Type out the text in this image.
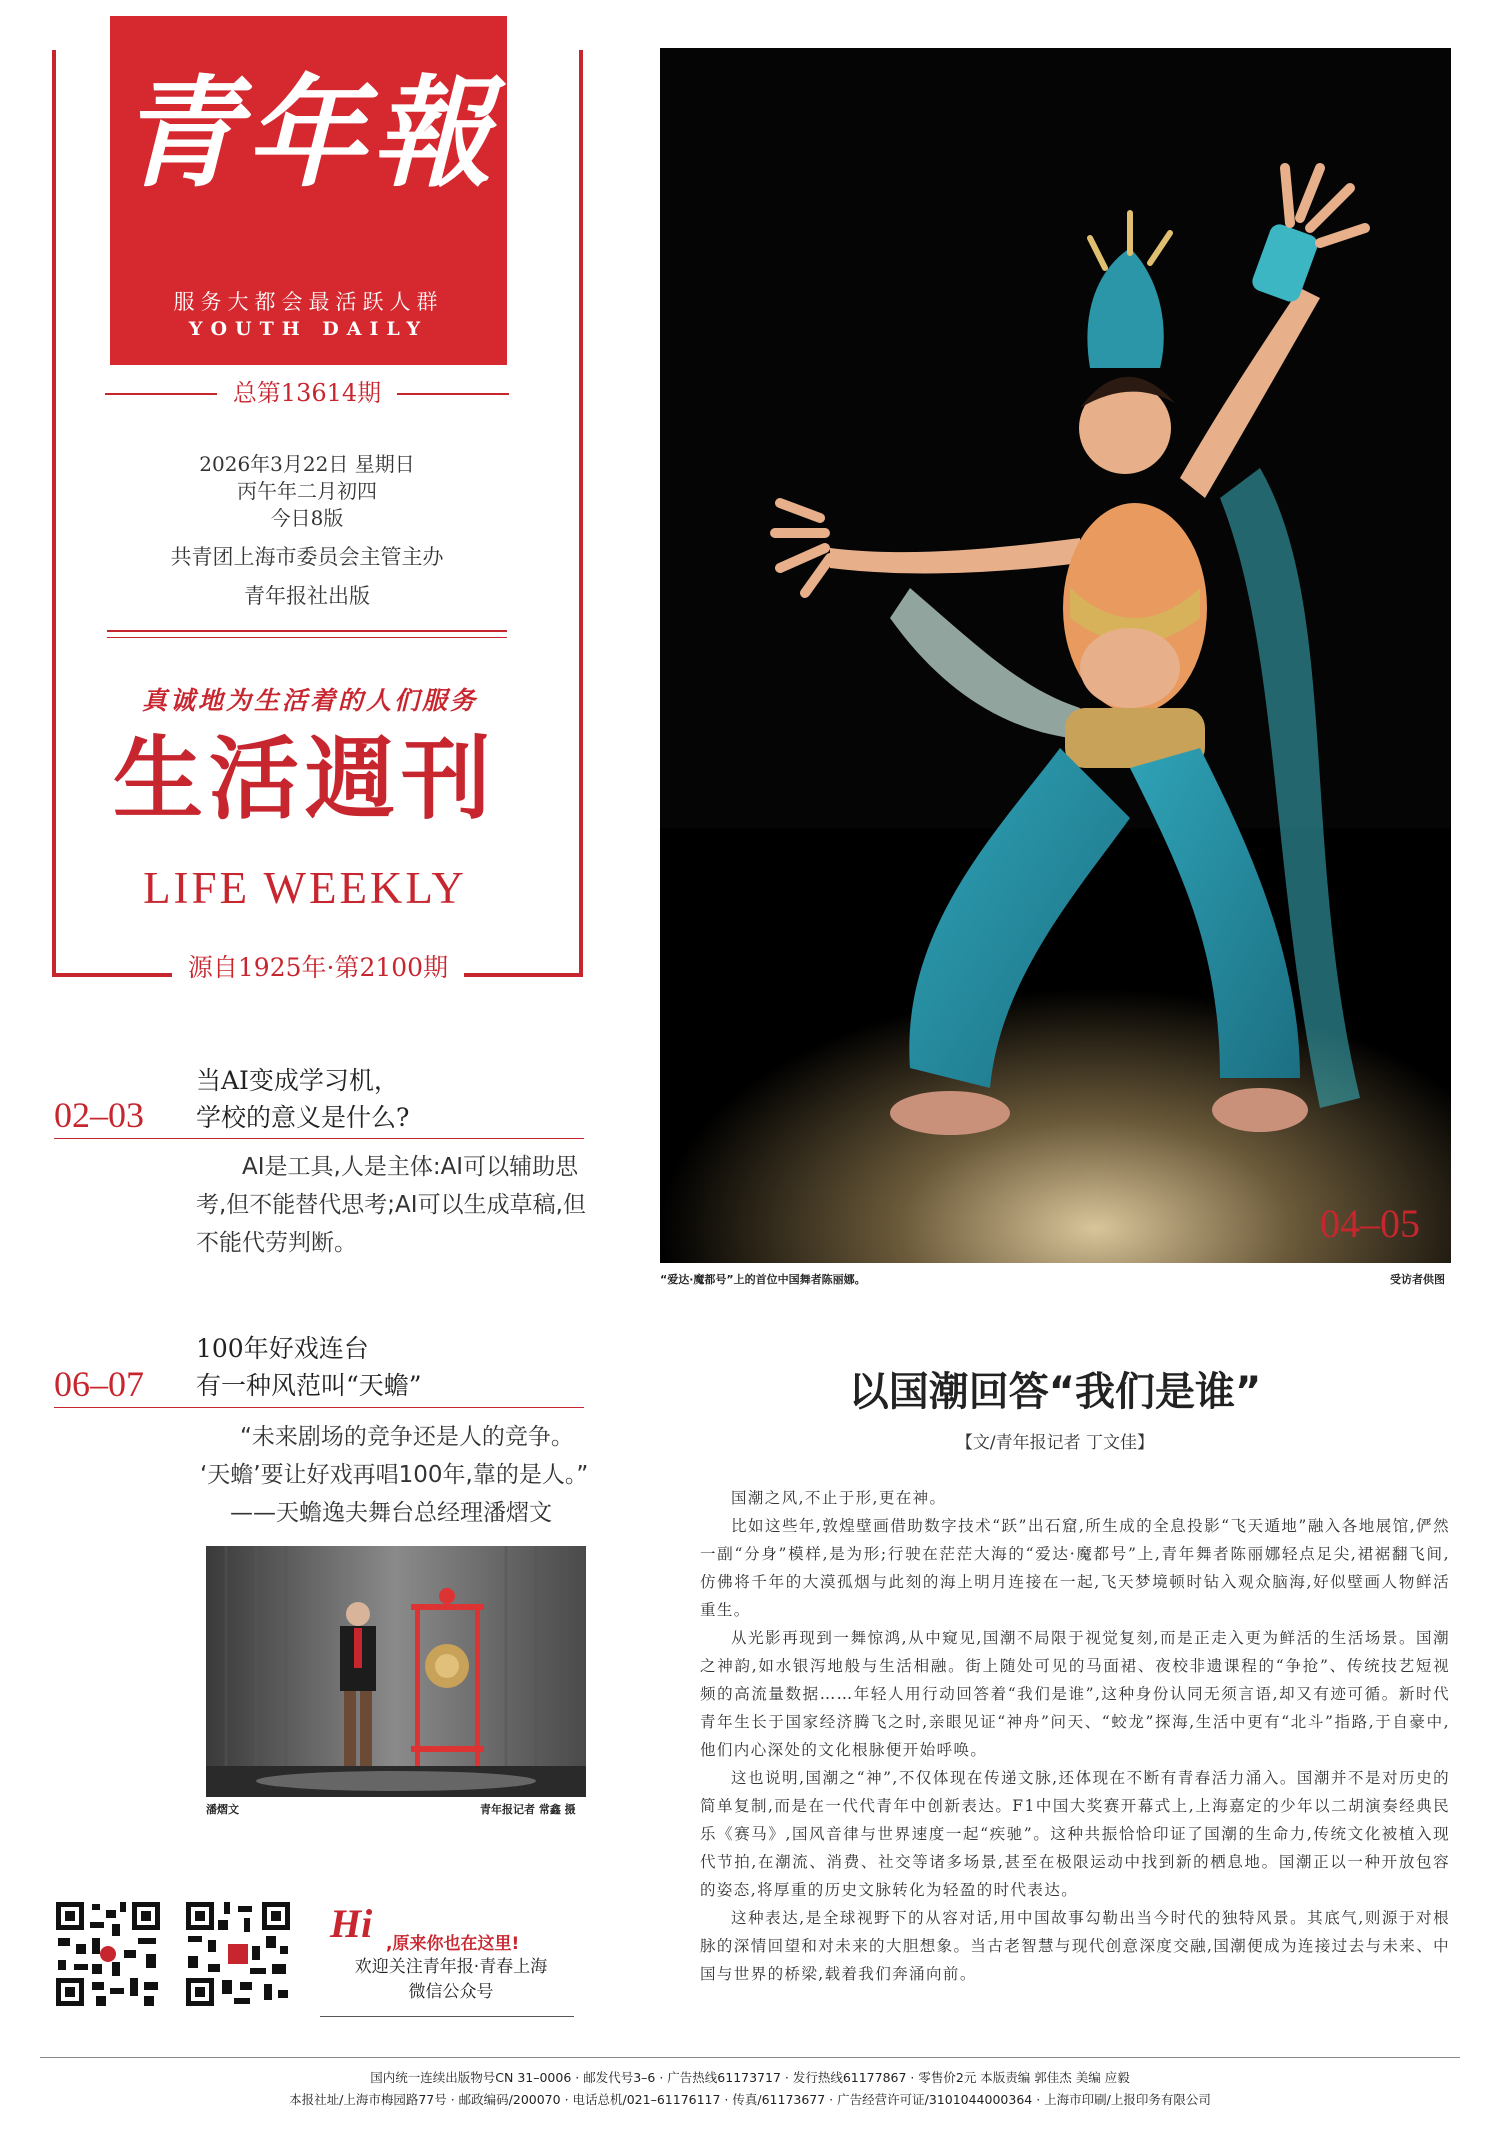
青年報
服务大都会最活跃人群
YOUTH DAILY
总第13614期
2026年3月22日 星期日
丙午年二月初四
今日8版
共青团上海市委员会主管主办
青年报社出版
真诚地为生活着的人们服务
生活週刊
LIFE WEEKLY
源自1925年·第2100期
当AI变成学习机，
学校的意义是什么?
02–03
AI是工具,人是主体:AI可以辅助思考,但不能替代思考;AI可以生成草稿,但不能代劳判断。
100年好戏连台
有一种风范叫“天蟾”
06–07
“未来剧场的竞争还是人的竞争。
‘天蟾’要让好戏再唱100年,靠的是人。”
——天蟾逸夫舞台总经理潘熠文
潘熠文	青年报记者 常鑫 摄
Hi ,原来你也在这里!
欢迎关注青年报·青春上海
微信公众号
04–05
“爱达·魔都号”上的首位中国舞者陈丽娜。	受访者供图
以国潮回答“我们是谁”
【文/青年报记者 丁文佳】

国潮之风,不止于形,更在神。

比如这些年,敦煌壁画借助数字技术“跃”出石窟,所生成的全息投影“飞天遁地”融入各地展馆,俨然一副“分身”模样,是为形;行驶在茫茫大海的“爱达·魔都号”上,青年舞者陈丽娜轻点足尖,裙裾翻飞间,仿佛将千年的大漠孤烟与此刻的海上明月连接在一起,飞天梦境顿时钻入观众脑海,好似壁画人物鲜活重生。

从光影再现到一舞惊鸿,从中窥见,国潮不局限于视觉复刻,而是正走入更为鲜活的生活场景。国潮之神韵,如水银泻地般与生活相融。街上随处可见的马面裙、夜校非遗课程的“争抢”、传统技艺短视频的高流量数据……年轻人用行动回答着“我们是谁”,这种身份认同无须言语,却又有迹可循。新时代青年生长于国家经济腾飞之时,亲眼见证“神舟”问天、“蛟龙”探海,生活中更有“北斗”指路,于自豪中,他们内心深处的文化根脉便开始呼唤。

这也说明,国潮之“神”,不仅体现在传递文脉,还体现在不断有青春活力涌入。国潮并不是对历史的简单复制,而是在一代代青年中创新表达。F1中国大奖赛开幕式上,上海嘉定的少年以二胡演奏经典民乐《赛马》,国风音律与世界速度一起“疾驰”。这种共振恰恰印证了国潮的生命力,传统文化被植入现代节拍,在潮流、消费、社交等诸多场景,甚至在极限运动中找到新的栖息地。国潮正以一种开放包容的姿态,将厚重的历史文脉转化为轻盈的时代表达。

这种表达,是全球视野下的从容对话,用中国故事勾勒出当今时代的独特风景。其底气,则源于对根脉的深情回望和对未来的大胆想象。当古老智慧与现代创意深度交融,国潮便成为连接过去与未来、中国与世界的桥梁,载着我们奔涌向前。

国内统一连续出版物号CN 31–0006 · 邮发代号3–6 · 广告热线61173717 · 发行热线61177867 · 零售价2元 本版责编 郭佳杰 美编 应毅
本报社址/上海市梅园路77号 · 邮政编码/200070 · 电话总机/021–61176117 · 传真/61173677 · 广告经营许可证/3101044000364 · 上海市印刷/上报印务有限公司
